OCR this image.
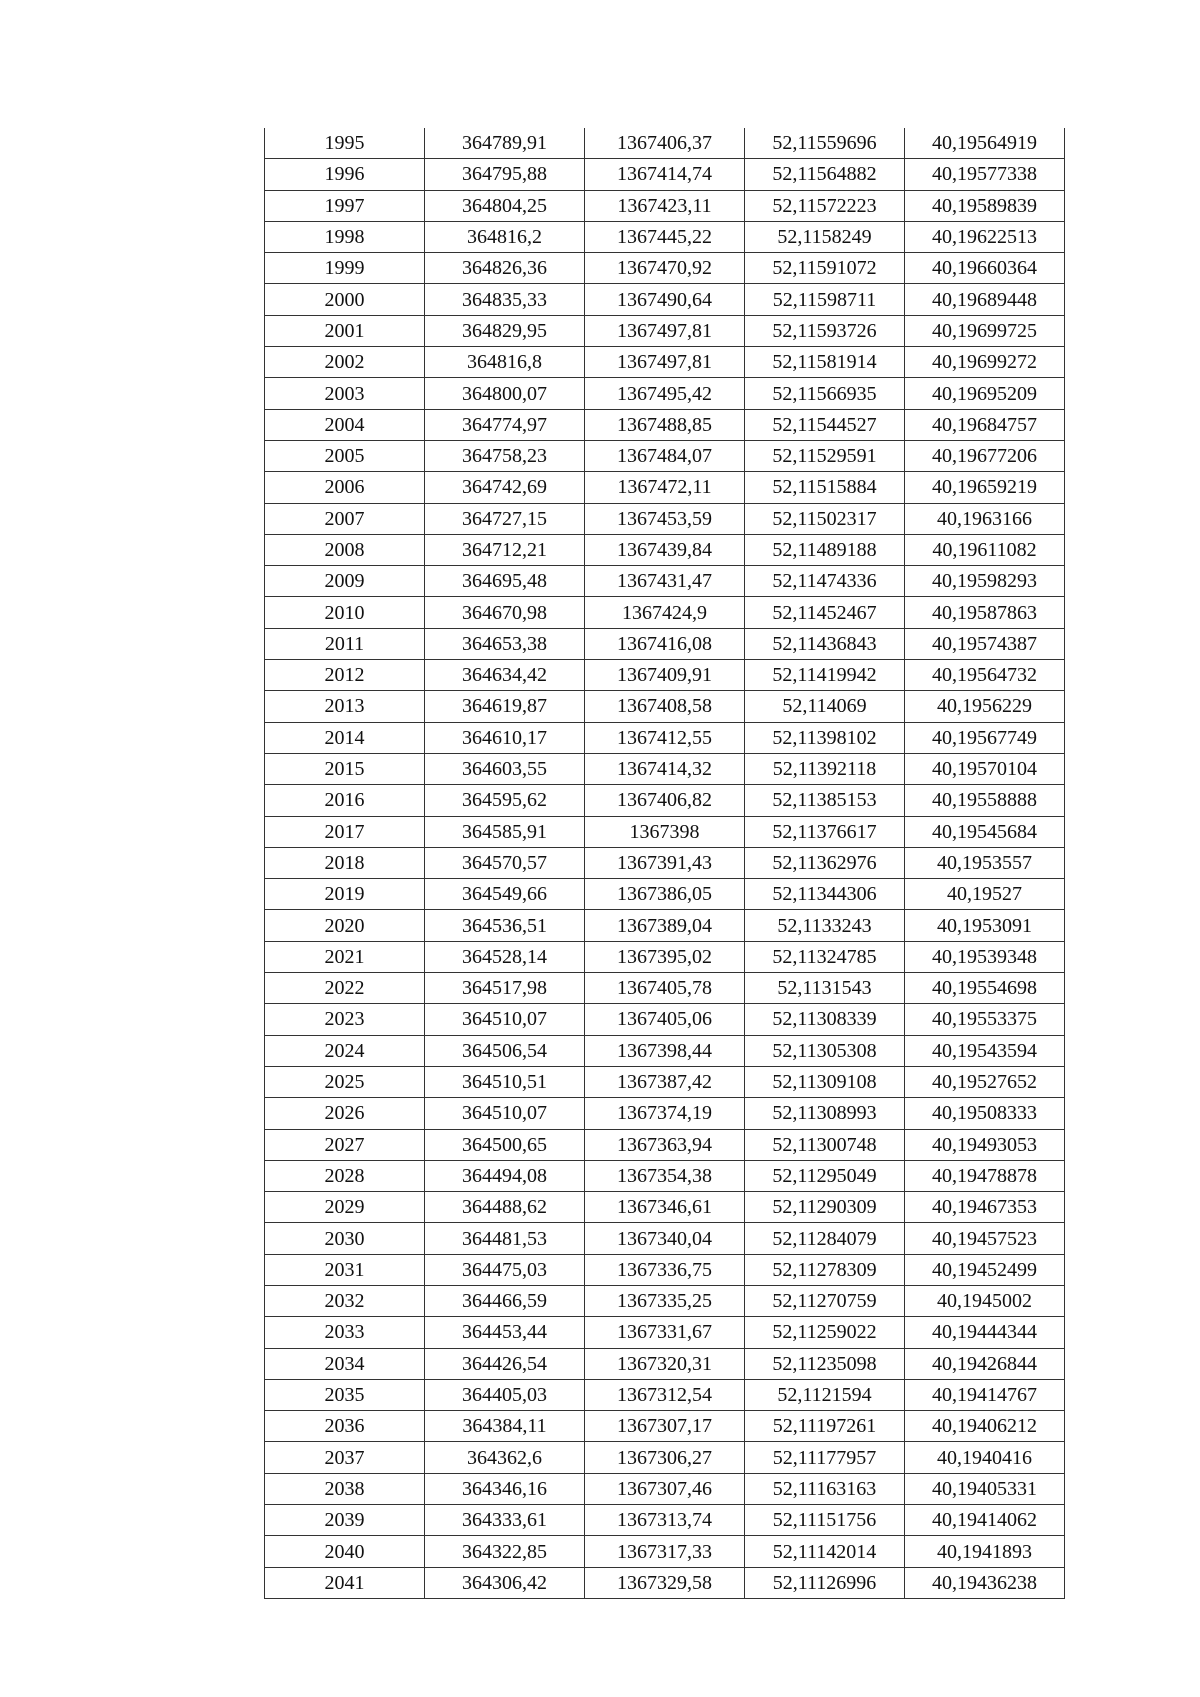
1995	364789,91	1367406,37	52,11559696	40,19564919
1996	364795,88	1367414,74	52,11564882	40,19577338
1997	364804,25	1367423,11	52,11572223	40,19589839
1998	364816,2	1367445,22	52,1158249	40,19622513
1999	364826,36	1367470,92	52,11591072	40,19660364
2000	364835,33	1367490,64	52,11598711	40,19689448
2001	364829,95	1367497,81	52,11593726	40,19699725
2002	364816,8	1367497,81	52,11581914	40,19699272
2003	364800,07	1367495,42	52,11566935	40,19695209
2004	364774,97	1367488,85	52,11544527	40,19684757
2005	364758,23	1367484,07	52,11529591	40,19677206
2006	364742,69	1367472,11	52,11515884	40,19659219
2007	364727,15	1367453,59	52,11502317	40,1963166
2008	364712,21	1367439,84	52,11489188	40,19611082
2009	364695,48	1367431,47	52,11474336	40,19598293
2010	364670,98	1367424,9	52,11452467	40,19587863
2011	364653,38	1367416,08	52,11436843	40,19574387
2012	364634,42	1367409,91	52,11419942	40,19564732
2013	364619,87	1367408,58	52,114069	40,1956229
2014	364610,17	1367412,55	52,11398102	40,19567749
2015	364603,55	1367414,32	52,11392118	40,19570104
2016	364595,62	1367406,82	52,11385153	40,19558888
2017	364585,91	1367398	52,11376617	40,19545684
2018	364570,57	1367391,43	52,11362976	40,1953557
2019	364549,66	1367386,05	52,11344306	40,19527
2020	364536,51	1367389,04	52,1133243	40,1953091
2021	364528,14	1367395,02	52,11324785	40,19539348
2022	364517,98	1367405,78	52,1131543	40,19554698
2023	364510,07	1367405,06	52,11308339	40,19553375
2024	364506,54	1367398,44	52,11305308	40,19543594
2025	364510,51	1367387,42	52,11309108	40,19527652
2026	364510,07	1367374,19	52,11308993	40,19508333
2027	364500,65	1367363,94	52,11300748	40,19493053
2028	364494,08	1367354,38	52,11295049	40,19478878
2029	364488,62	1367346,61	52,11290309	40,19467353
2030	364481,53	1367340,04	52,11284079	40,19457523
2031	364475,03	1367336,75	52,11278309	40,19452499
2032	364466,59	1367335,25	52,11270759	40,1945002
2033	364453,44	1367331,67	52,11259022	40,19444344
2034	364426,54	1367320,31	52,11235098	40,19426844
2035	364405,03	1367312,54	52,1121594	40,19414767
2036	364384,11	1367307,17	52,11197261	40,19406212
2037	364362,6	1367306,27	52,11177957	40,1940416
2038	364346,16	1367307,46	52,11163163	40,19405331
2039	364333,61	1367313,74	52,11151756	40,19414062
2040	364322,85	1367317,33	52,11142014	40,1941893
2041	364306,42	1367329,58	52,11126996	40,19436238
